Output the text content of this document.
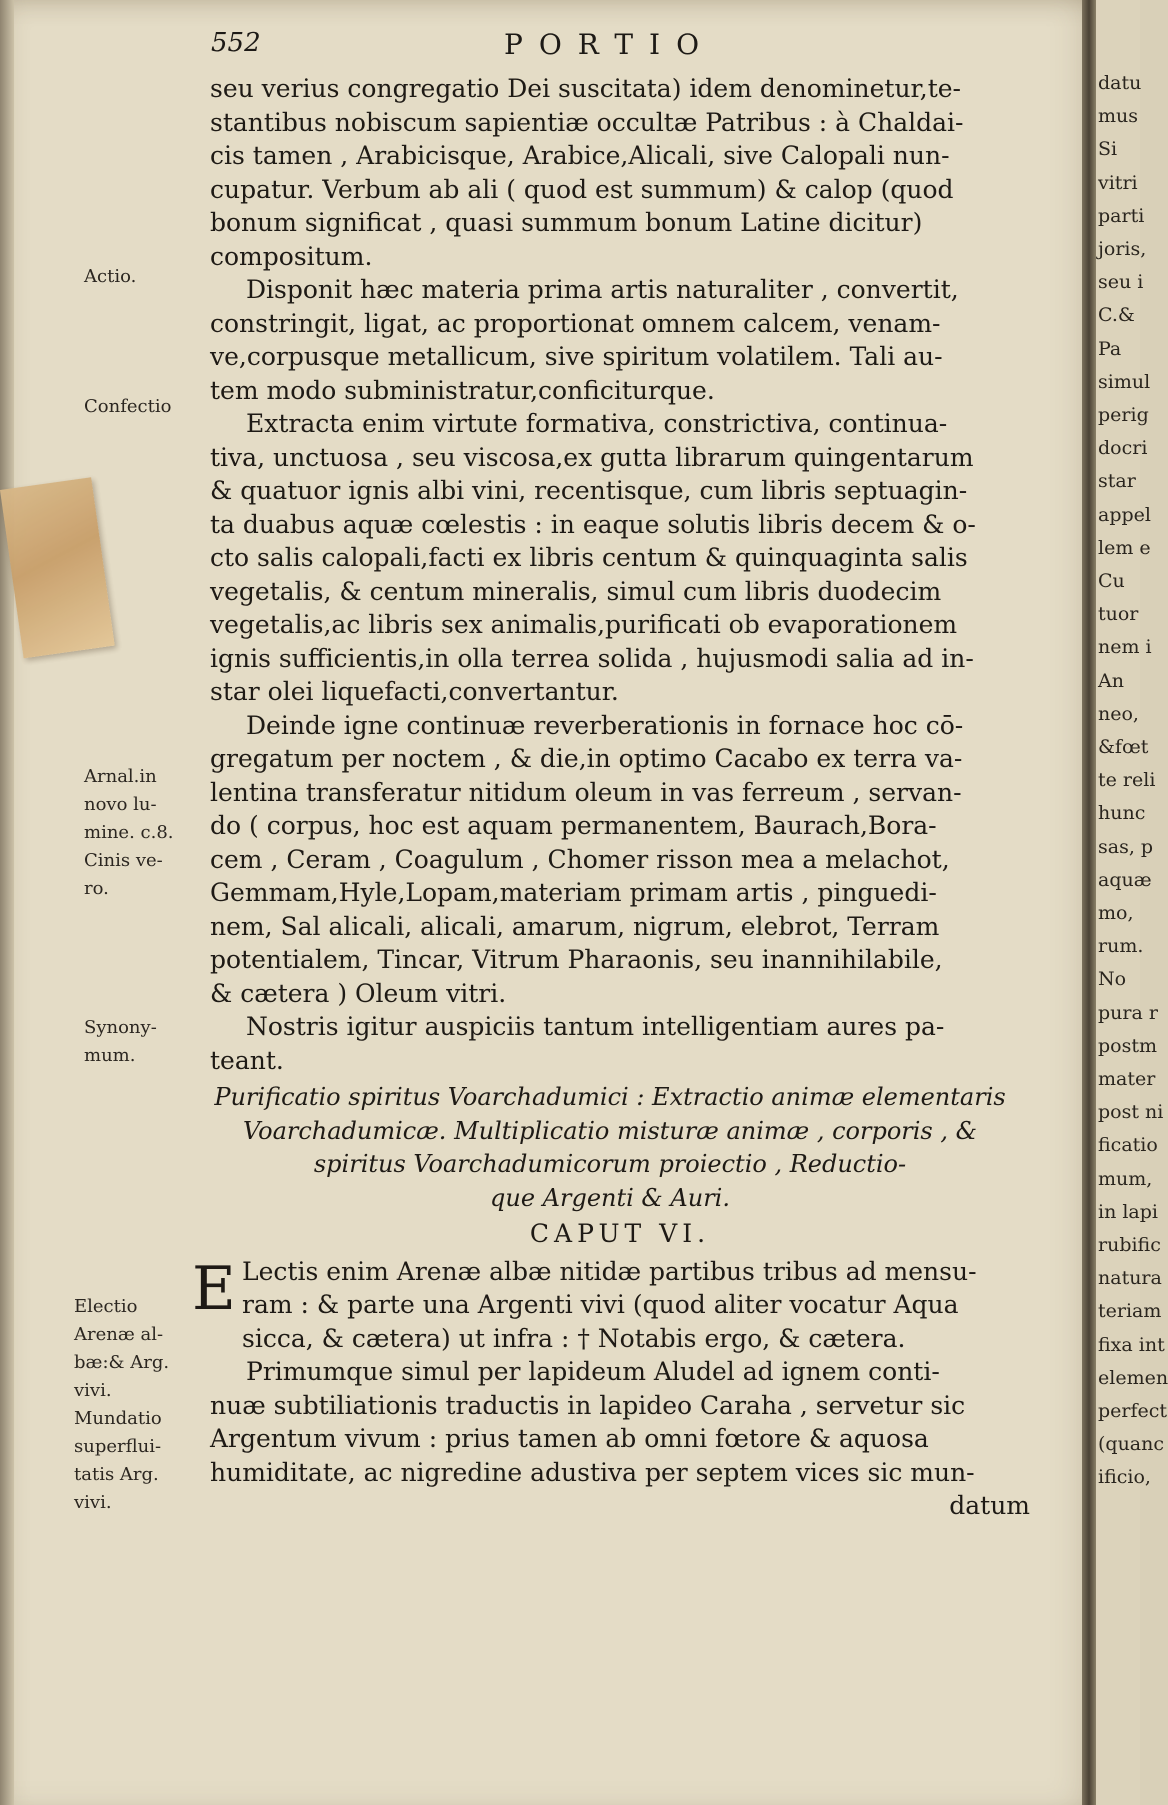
552	PORTIO
Actio.
Confectio
Arnal.in
novo lu-
mine. c.8.
Cinis ve-
ro.
Synony-
mum.
Electio
Arenæ al-
bæ:& Arg.
vivi.
Mundatio
superflui-
tatis Arg.
vivi.
seu verius congregatio Dei suscitata) idem denominetur,te-
stantibus nobiscum sapientiæ occultæ Patribus : à Chaldai-
cis tamen , Arabicisque, Arabice,Alicali, sive Calopali nun-
cupatur. Verbum ab ali ( quod est summum) & calop (quod
bonum significat , quasi summum bonum Latine dicitur)
compositum.
Disponit hæc materia prima artis naturaliter , convertit,
constringit, ligat, ac proportionat omnem calcem, venam-
ve,corpusque metallicum, sive spiritum volatilem. Tali au-
tem modo subministratur,conficiturque.
Extracta enim virtute formativa, constrictiva, continua-
tiva, unctuosa , seu viscosa,ex gutta librarum quingentarum
& quatuor ignis albi vini, recentisque, cum libris septuagin-
ta duabus aquæ cœlestis : in eaque solutis libris decem & o-
cto salis calopali,facti ex libris centum & quinquaginta salis
vegetalis, & centum mineralis, simul cum libris duodecim
vegetalis,ac libris sex animalis,purificati ob evaporationem
ignis sufficientis,in olla terrea solida , hujusmodi salia ad in-
star olei liquefacti,convertantur.
Deinde igne continuæ reverberationis in fornace hoc cō-
gregatum per noctem , & die,in optimo Cacabo ex terra va-
lentina transferatur nitidum oleum in vas ferreum , servan-
do ( corpus, hoc est aquam permanentem, Baurach,Bora-
cem , Ceram , Coagulum , Chomer risson mea a melachot,
Gemmam,Hyle,Lopam,materiam primam artis , pinguedi-
nem, Sal alicali, alicali, amarum, nigrum, elebrot, Terram
potentialem, Tincar, Vitrum Pharaonis, seu inannihilabile,
& cætera ) Oleum vitri.
Nostris igitur auspiciis tantum intelligentiam aures pa-
teant.
Purificatio spiritus Voarchadumici : Extractio animæ elementaris
Voarchadumicæ. Multiplicatio misturæ animæ , corporis , &
spiritus Voarchadumicorum proiectio , Reductio-
que Argenti & Auri.
CAPUT VI.
E Lectis enim Arenæ albæ nitidæ partibus tribus ad mensu-
ram : & parte una Argenti vivi (quod aliter vocatur Aqua
sicca, & cætera) ut infra : † Notabis ergo, & cætera.
Primumque simul per lapideum Aludel ad ignem conti-
nuæ subtiliationis traductis in lapideo Caraha , servetur sic
Argentum vivum : prius tamen ab omni fœtore & aquosa
humiditate, ac nigredine adustiva per septem vices sic mun-
datum
datu
mus
Si
vitri
parti
joris,
seu i
C.&
Pa
simul
perig
docri
star
appel
lem e
Cu
tuor
nem i
An
neo,
&fœt
te reli
hunc
sas, p
aquæ
mo,
rum.
No
pura r
postm
mater
post ni
ficatio
mum,
in lapi
rubific
natura
teriam
fixa int
elemen
perfect
(quanc
ificio,
